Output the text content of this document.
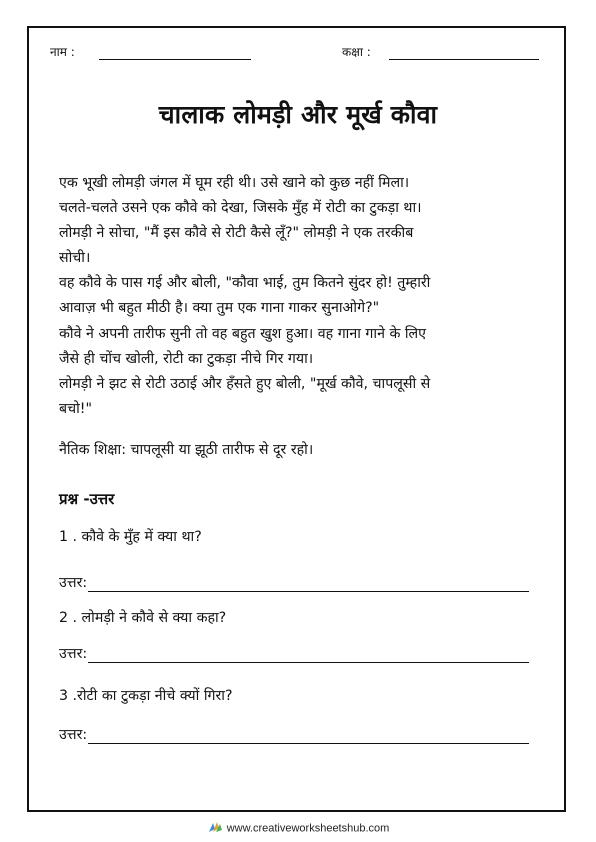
नाम :	कक्षा :
चालाक लोमड़ी और मूर्ख कौवा
एक भूखी लोमड़ी जंगल में घूम रही थी। उसे खाने को कुछ नहीं मिला।
चलते-चलते उसने एक कौवे को देखा, जिसके मुँह में रोटी का टुकड़ा था।
लोमड़ी ने सोचा, "मैं इस कौवे से रोटी कैसे लूँ?" लोमड़ी ने एक तरकीब
सोची।
वह कौवे के पास गई और बोली, "कौवा भाई, तुम कितने सुंदर हो! तुम्हारी
आवाज़ भी बहुत मीठी है। क्या तुम एक गाना गाकर सुनाओगे?"
कौवे ने अपनी तारीफ सुनी तो वह बहुत खुश हुआ। वह गाना गाने के लिए
जैसे ही चोंच खोली, रोटी का टुकड़ा नीचे गिर गया।
लोमड़ी ने झट से रोटी उठाई और हँसते हुए बोली, "मूर्ख कौवे, चापलूसी से
बचो!"
नैतिक शिक्षा: चापलूसी या झूठी तारीफ से दूर रहो।
प्रश्न -उत्तर
1 . कौवे के मुँह में क्या था?
उत्तर:
2 . लोमड़ी ने कौवे से क्या कहा?
उत्तर:
3 .रोटी का टुकड़ा नीचे क्यों गिरा?
उत्तर:
www.creativeworksheetshub.com
